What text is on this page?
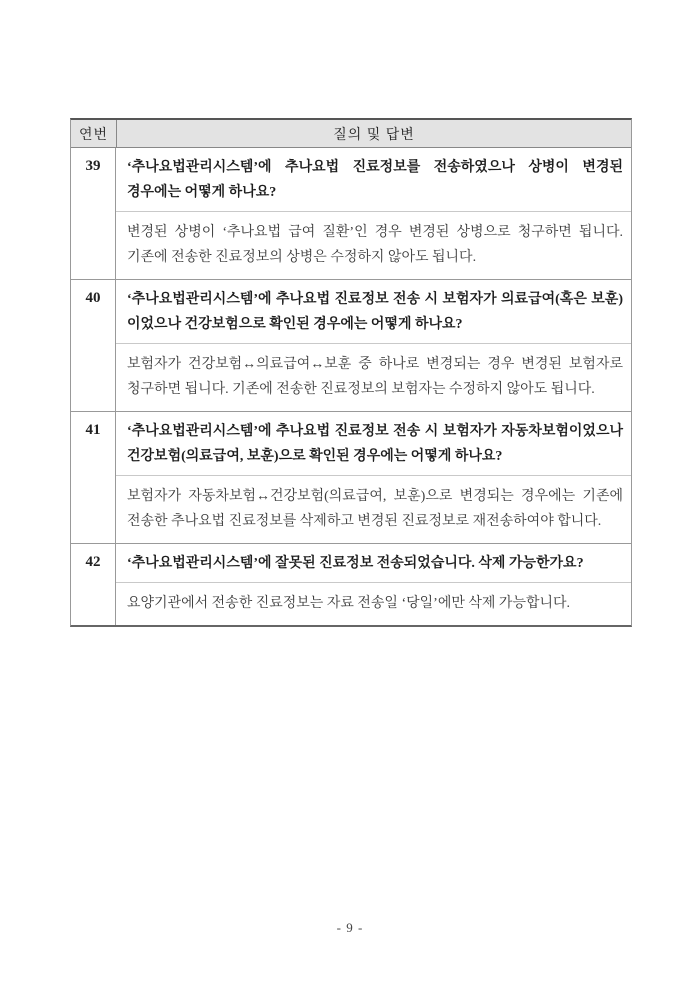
연번	질의 및 답변
39	‘추나요법관리시스템’에 추나요법 진료정보를 전송하였으나 상병이 변경된 경우에는 어떻게 하나요?
변경된 상병이 ‘추나요법 급여 질환’인 경우 변경된 상병으로 청구하면 됩니다. 기존에 전송한 진료정보의 상병은 수정하지 않아도 됩니다.
40	‘추나요법관리시스템’에 추나요법 진료정보 전송 시 보험자가 의료급여(혹은 보훈)이었으나 건강보험으로 확인된 경우에는 어떻게 하나요?
보험자가 건강보험↔의료급여↔보훈 중 하나로 변경되는 경우 변경된 보험자로 청구하면 됩니다. 기존에 전송한 진료정보의 보험자는 수정하지 않아도 됩니다.
41	‘추나요법관리시스템’에 추나요법 진료정보 전송 시 보험자가 자동차보험이었으나 건강보험(의료급여, 보훈)으로 확인된 경우에는 어떻게 하나요?
보험자가 자동차보험↔건강보험(의료급여, 보훈)으로 변경되는 경우에는 기존에 전송한 추나요법 진료정보를 삭제하고 변경된 진료정보로 재전송하여야 합니다.
42	‘추나요법관리시스템’에 잘못된 진료정보 전송되었습니다. 삭제 가능한가요?
요양기관에서 전송한 진료정보는 자료 전송일 ‘당일’에만 삭제 가능합니다.
- 9 -
